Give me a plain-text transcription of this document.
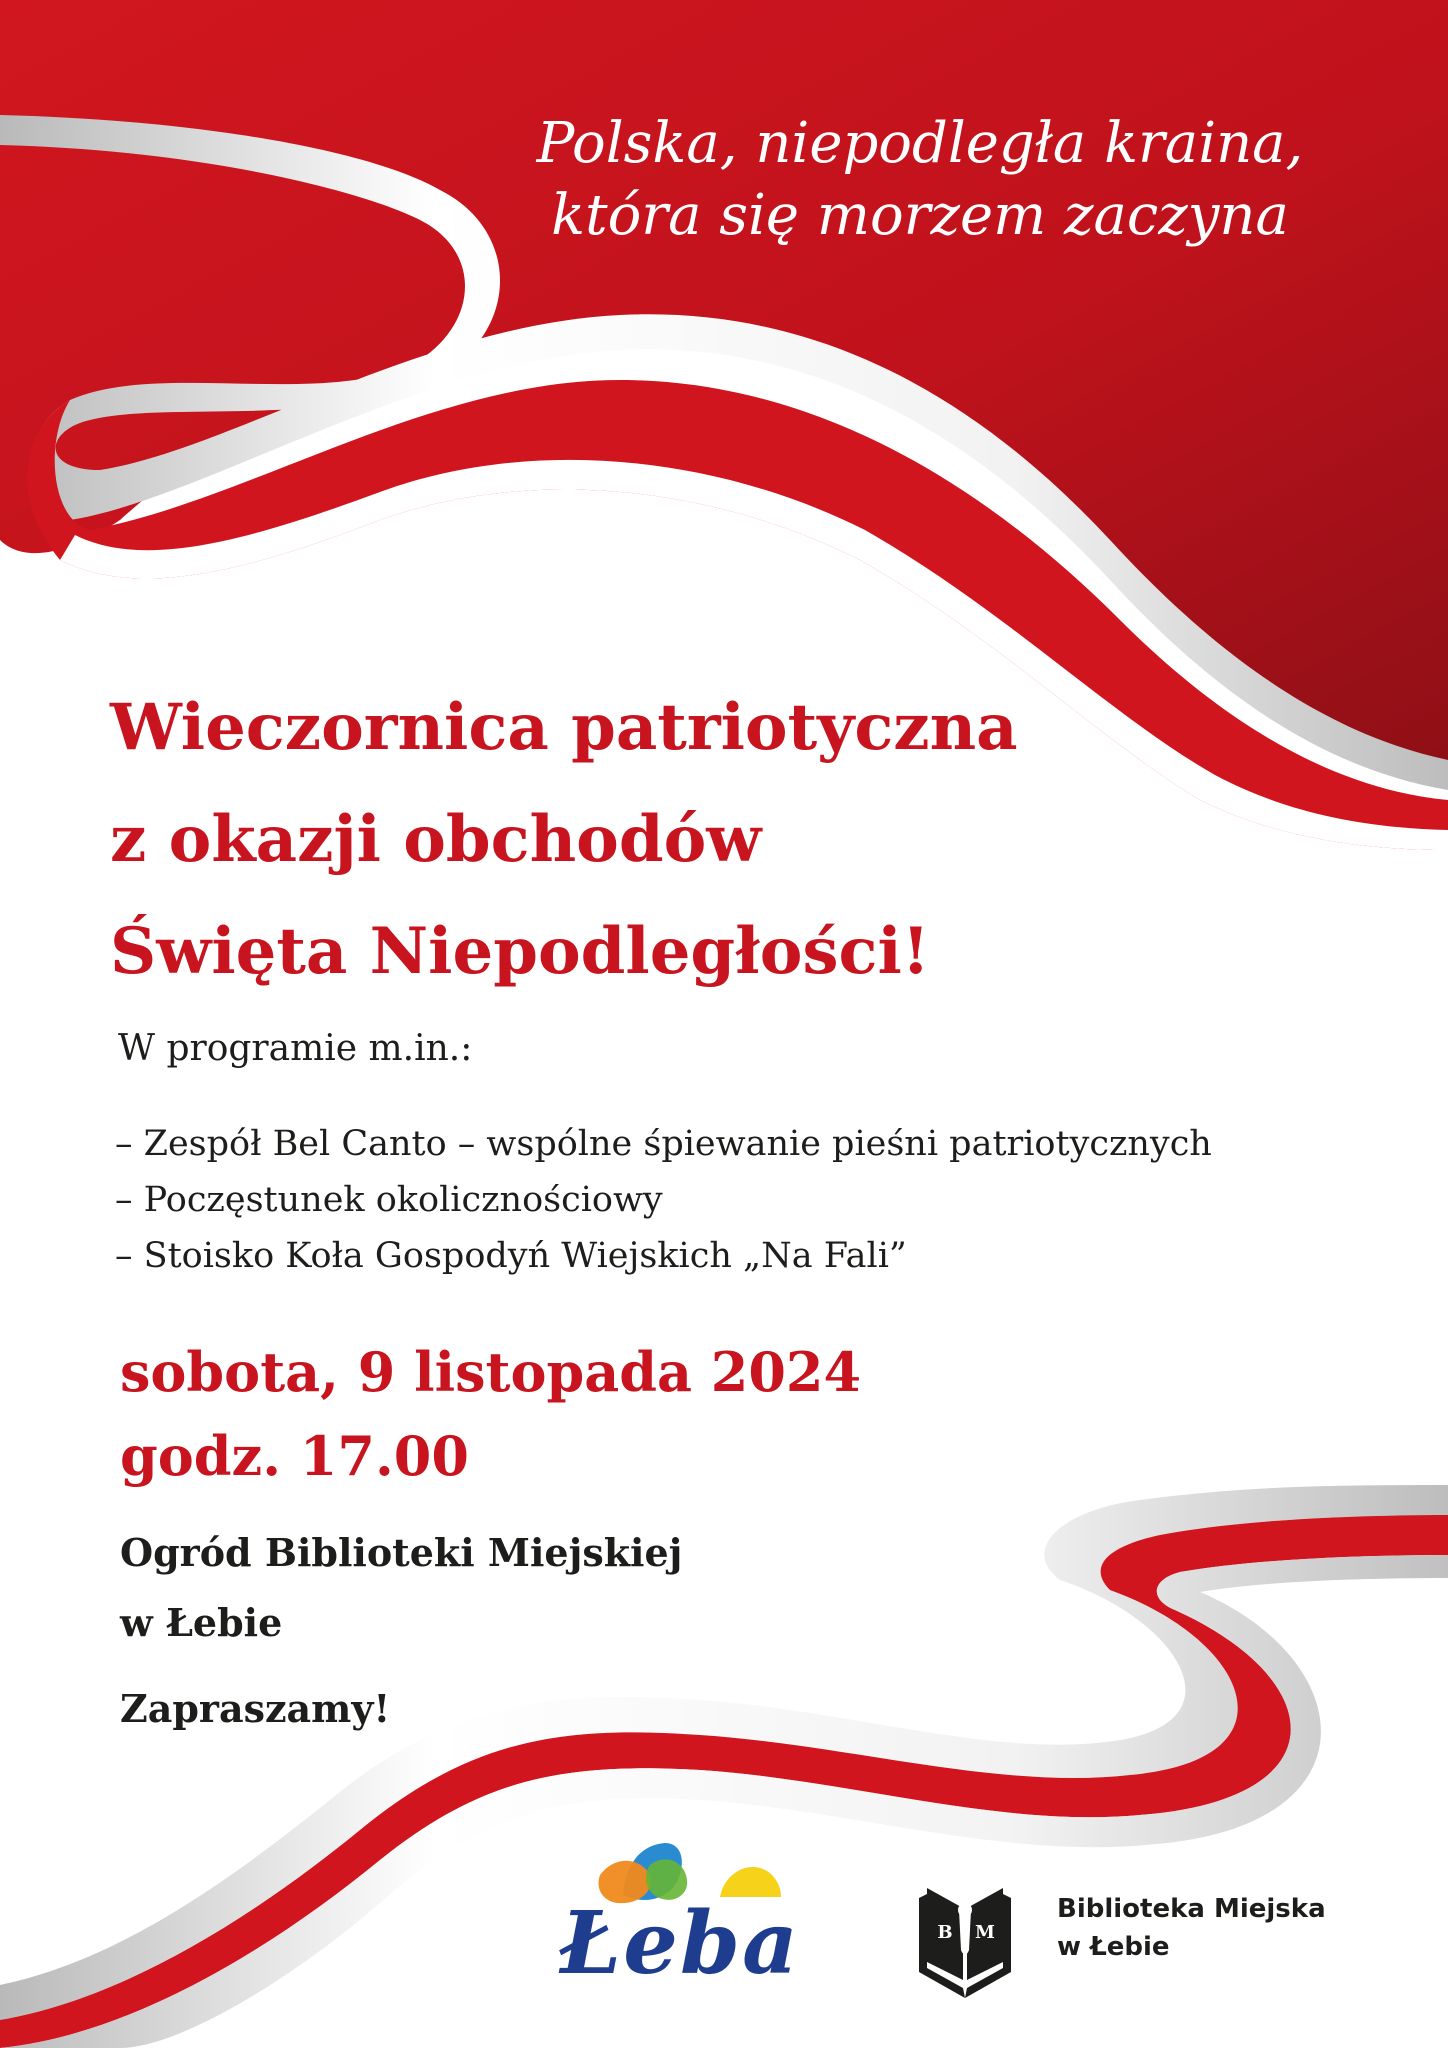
Polska, niepodległa kraina,
która się morzem zaczyna
Wieczornica patriotyczna
z okazji obchodów
Święta Niepodległości!
W programie m.in.:
– Zespół Bel Canto – wspólne śpiewanie pieśni patriotycznych
– Poczęstunek okolicznościowy
– Stoisko Koła Gospodyń Wiejskich „Na Fali”
sobota, 9 listopada 2024
godz. 17.00
Ogród Biblioteki Miejskiej
w Łebie
Zapraszamy!
Łeba	B M
Biblioteka Miejska
w Łebie
